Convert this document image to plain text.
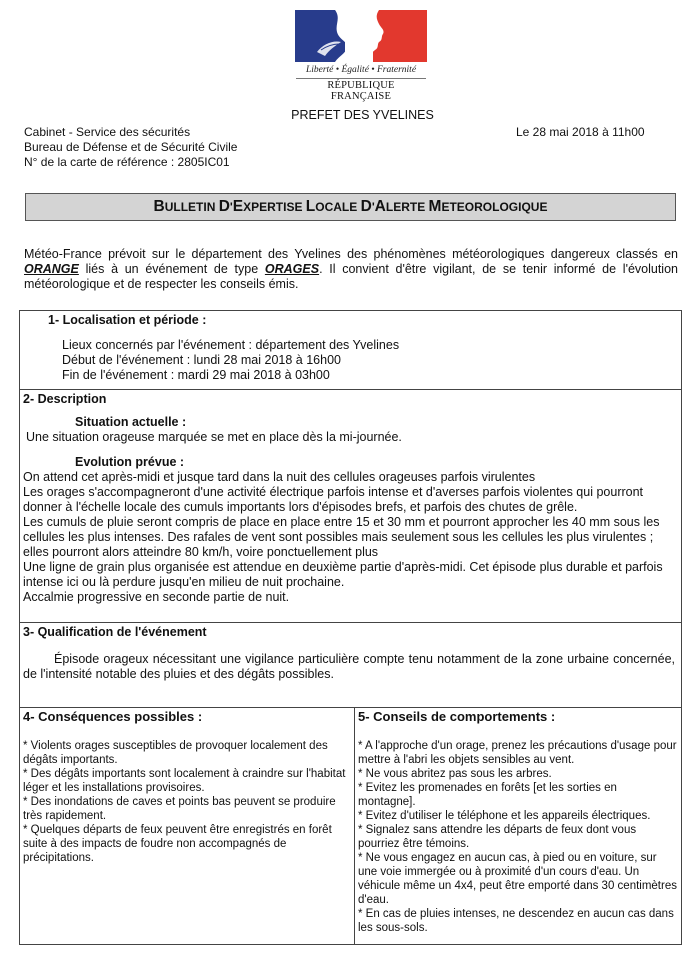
Liberté • Égalité • Fraternité
RÉPUBLIQUE FRANÇAISE
PREFET DES YVELINES
Cabinet - Service des sécurités
Bureau de Défense et de Sécurité Civile
N° de la carte de référence : 2805IC01
Le 28 mai 2018 à 11h00
BULLETIN D'EXPERTISE LOCALE D'ALERTE METEOROLOGIQUE
Météo-France prévoit sur le département des Yvelines des phénomènes météorologiques dangereux classés en ORANGE liés à un événement de type ORAGES. Il convient d'être vigilant, de se tenir informé de l'évolution météorologique et de respecter les conseils émis.
1- Localisation et période :
Lieux concernés par l'événement : département des Yvelines
Début de l'événement : lundi 28 mai 2018 à 16h00
Fin de l'événement : mardi 29 mai 2018 à 03h00

2- Description
Situation actuelle :
Une situation orageuse marquée se met en place dès la mi-journée.
Evolution prévue :
On attend cet après-midi et jusque tard dans la nuit des cellules orageuses parfois virulentes
Les orages s'accompagneront d'une activité électrique parfois intense et d'averses parfois violentes qui pourront donner à l'échelle locale des cumuls importants lors d'épisodes brefs, et parfois des chutes de grêle.
Les cumuls de pluie seront compris de place en place entre 15 et 30 mm et pourront approcher les 40 mm sous les cellules les plus intenses. Des rafales de vent sont possibles mais seulement sous les cellules les plus virulentes ; elles pourront alors atteindre 80 km/h, voire ponctuellement plus
Une ligne de grain plus organisée est attendue en deuxième partie d'après-midi. Cet épisode plus durable et parfois intense ici ou là perdure jusqu'en milieu de nuit prochaine.
Accalmie progressive en seconde partie de nuit.

3- Qualification de l'événement
Épisode orageux nécessitant une vigilance particulière compte tenu notamment de la zone urbaine concernée, de l'intensité notable des pluies et des dégâts possibles.

4- Conséquences possibles :
* Violents orages susceptibles de provoquer localement des dégâts importants.
* Des dégâts importants sont localement à craindre sur l'habitat léger et les installations provisoires.
* Des inondations de caves et points bas peuvent se produire très rapidement.
* Quelques départs de feux peuvent être enregistrés en forêt suite à des impacts de foudre non accompagnés de précipitations.

5- Conseils de comportements :
* A l'approche d'un orage, prenez les précautions d'usage pour mettre à l'abri les objets sensibles au vent.
* Ne vous abritez pas sous les arbres.
* Evitez les promenades en forêts [et les sorties en montagne].
* Evitez d'utiliser le téléphone et les appareils électriques.
* Signalez sans attendre les départs de feux dont vous pourriez être témoins.
* Ne vous engagez en aucun cas, à pied ou en voiture, sur une voie immergée ou à proximité d'un cours d'eau. Un véhicule même un 4x4, peut être emporté dans 30 centimètres d'eau.
* En cas de pluies intenses, ne descendez en aucun cas dans les sous-sols.
